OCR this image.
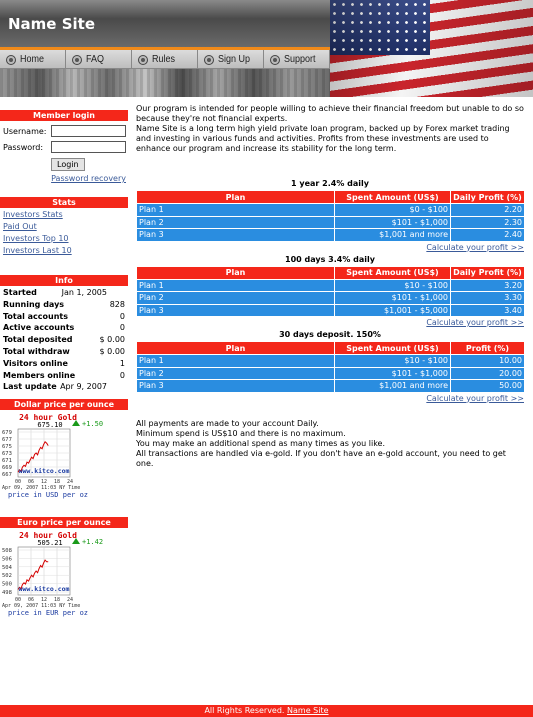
Name Site
Home	FAQ	Rules	Sign Up	Support
Member login
Username:
Password:
Login
Password recovery
Stats
Investors Stats
Paid Out
Investors Top 10
Investors Last 10
Info
Started	Jan 1, 2005
Running days	828
Total accounts	0
Active accounts	0
Total deposited	$ 0.00
Total withdraw	$ 0.00
Visitors online	1
Members online	0
Last update Apr 9, 2007
Dollar price per ounce
24 hour Gold
675.10	+1.50
679
677
675
673
671
669
667 www.kitco.com
00 06 12 18 24
Apr 09, 2007 11:03 NY Time
price in USD per oz
Euro price per ounce
24 hour Gold
505.21	+1.42
508
506
504
502
500
498 www.kitco.com
00 06 12 18 24
Apr 09, 2007 11:03 NY Time
price in EUR per oz

Our program is intended for people willing to achieve their financial freedom but unable to do so because they're not financial experts.

Name Site is a long term high yield private loan program, backed up by Forex market trading and investing in various funds and activities. Profits from these investments are used to enhance our program and increase its stability for the long term.

1 year 2.4% daily
Plan	Spent Amount (US$)	Daily Profit (%)
Plan 1	$0 - $100	2.20
Plan 2	$101 - $1,000	2.30
Plan 3	$1,001 and more	2.40
Calculate your profit >>
100 days 3.4% daily
Plan	Spent Amount (US$)	Daily Profit (%)
Plan 1	$10 - $100	3.20
Plan 2	$101 - $1,000	3.30
Plan 3	$1,001 - $5,000	3.40
Calculate your profit >>
30 days deposit. 150%
Plan	Spent Amount (US$)	Profit (%)
Plan 1	$10 - $100	10.00
Plan 2	$101 - $1,000	20.00
Plan 3	$1,001 and more	50.00
Calculate your profit >>

All payments are made to your account Daily.

Minimum spend is US$10 and there is no maximum.

You may make an additional spend as many times as you like.

All transactions are handled via e-gold. If you don't have an e-gold account, you need to get one.

All Rights Reserved. Name Site
